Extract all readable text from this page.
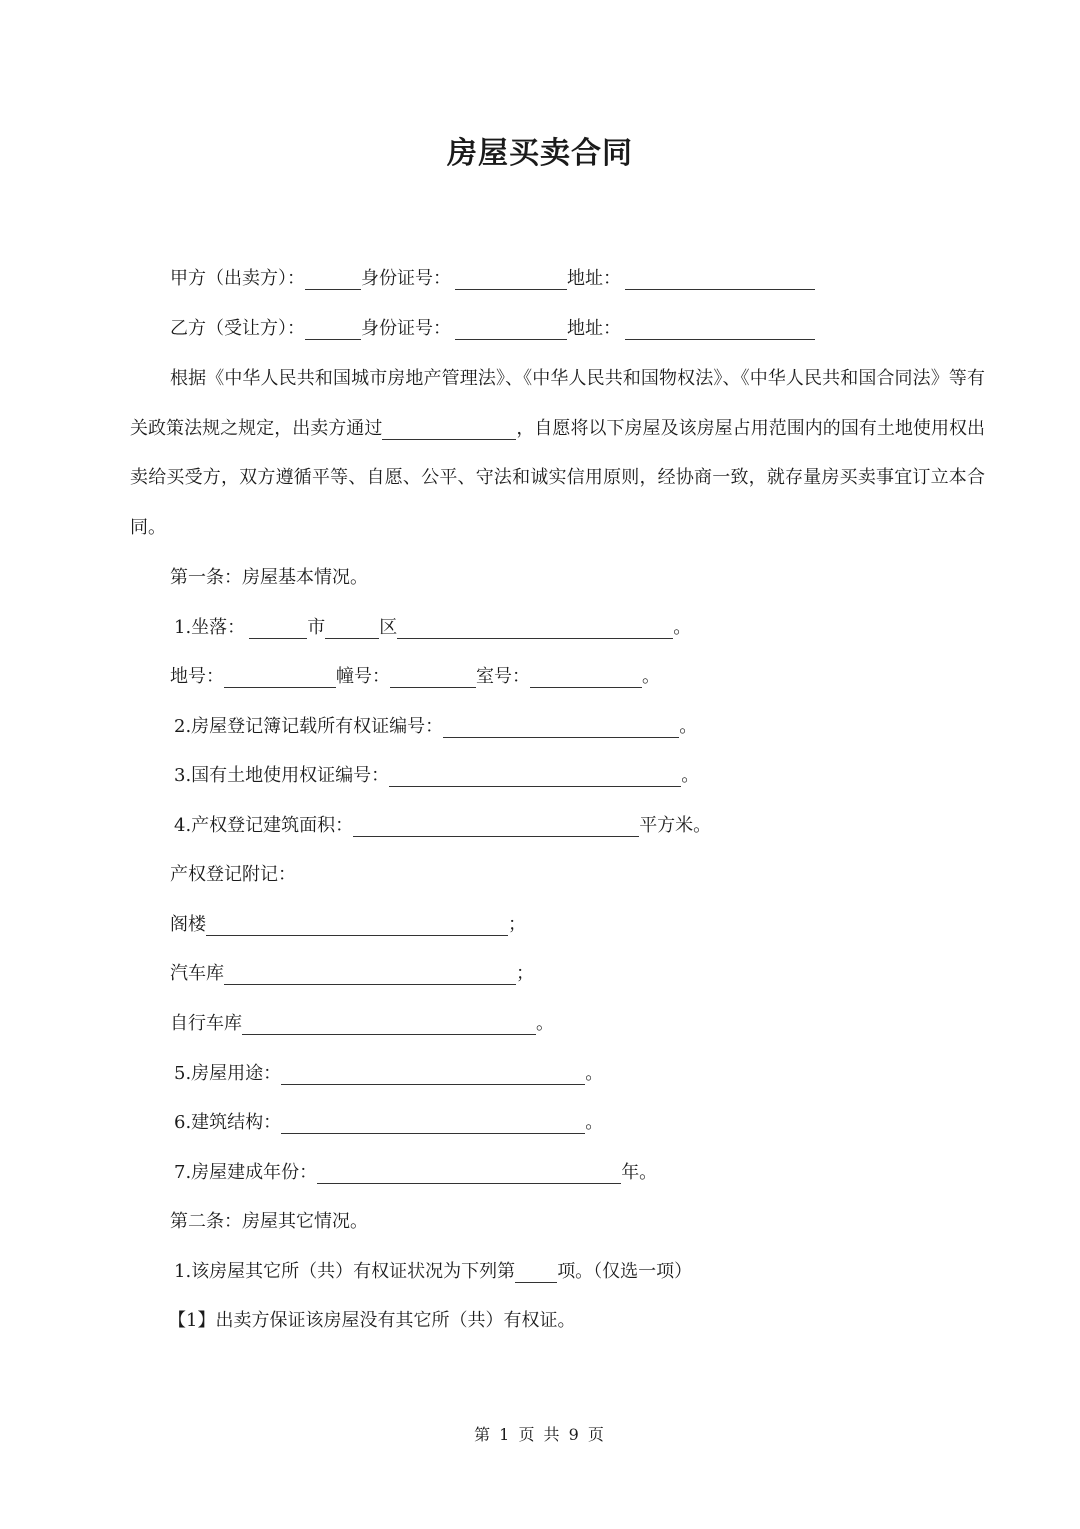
房屋买卖合同
甲方（出卖方）：	身份证号：	地址：
乙方（受让方）：	身份证号：	地址：

根据《中华人民共和国城市房地产管理法》、《中华人民共和国物权法》、《中华人民共和国合同法》等有关政策法规之规定，出卖方通过	，自愿将以下房屋及该房屋占用范围内的国有土地使用权出卖给买受方，双方遵循平等、自愿、公平、守法和诚实信用原则，经协商一致，就存量房买卖事宜订立本合同。

第一条：房屋基本情况。
1.坐落：	市	区	。
地号：	幢号：	室号：	。
2.房屋登记簿记载所有权证编号：	。
3.国有土地使用权证编号：	。
4.产权登记建筑面积：	平方米。
产权登记附记：
阁楼	；
汽车库	；
自行车库	。
5.房屋用途：	。
6.建筑结构：	。
7.房屋建成年份：	年。
第二条：房屋其它情况。
1.该房屋其它所（共）有权证状况为下列第 项。（仅选一项）
【1】出卖方保证该房屋没有其它所（共）有权证。
第 1 页 共 9 页
